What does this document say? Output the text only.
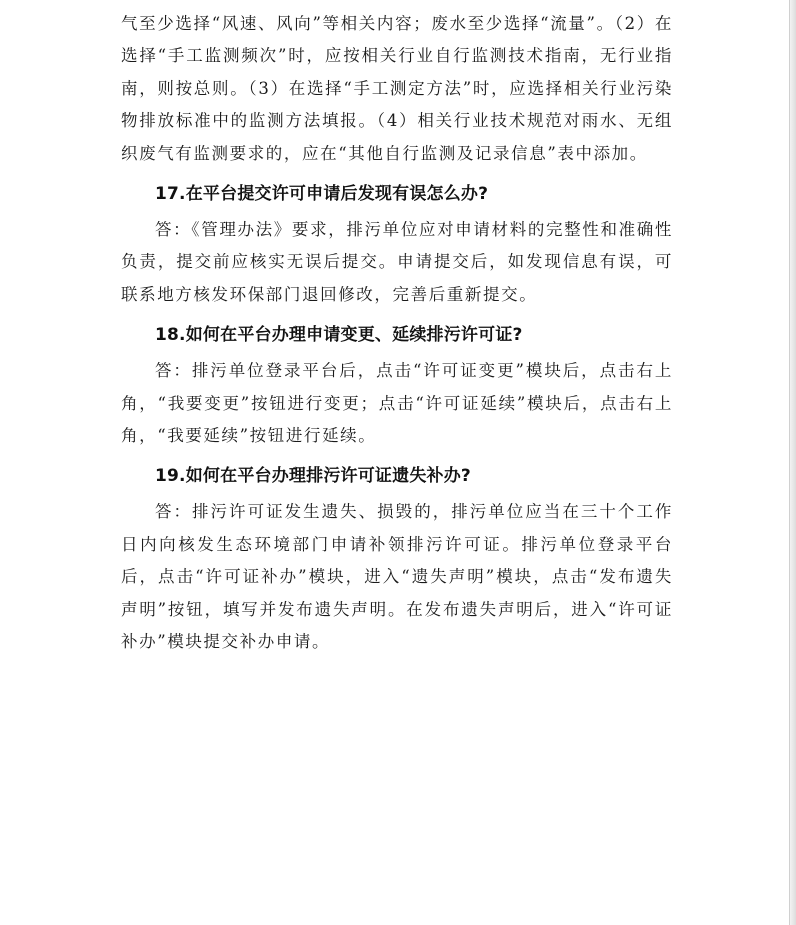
气至少选择“风速、风向”等相关内容；废水至少选择“流量”。（2）在选择“手工监测频次”时，应按相关行业自行监测技术指南，无行业指南，则按总则。（3）在选择“手工测定方法”时，应选择相关行业污染物排放标准中的监测方法填报。（4）相关行业技术规范对雨水、无组织废气有监测要求的，应在“其他自行监测及记录信息”表中添加。

17.在平台提交许可申请后发现有误怎么办?

答：《管理办法》要求，排污单位应对申请材料的完整性和准确性负责，提交前应核实无误后提交。申请提交后，如发现信息有误，可联系地方核发环保部门退回修改，完善后重新提交。

18.如何在平台办理申请变更、延续排污许可证?

答：排污单位登录平台后，点击“许可证变更”模块后，点击右上角，“我要变更”按钮进行变更；点击“许可证延续”模块后，点击右上角，“我要延续”按钮进行延续。

19.如何在平台办理排污许可证遗失补办?

答：排污许可证发生遗失、损毁的，排污单位应当在三十个工作日内向核发生态环境部门申请补领排污许可证。排污单位登录平台后，点击“许可证补办”模块，进入“遗失声明”模块，点击“发布遗失声明”按钮，填写并发布遗失声明。在发布遗失声明后，进入“许可证补办”模块提交补办申请。
